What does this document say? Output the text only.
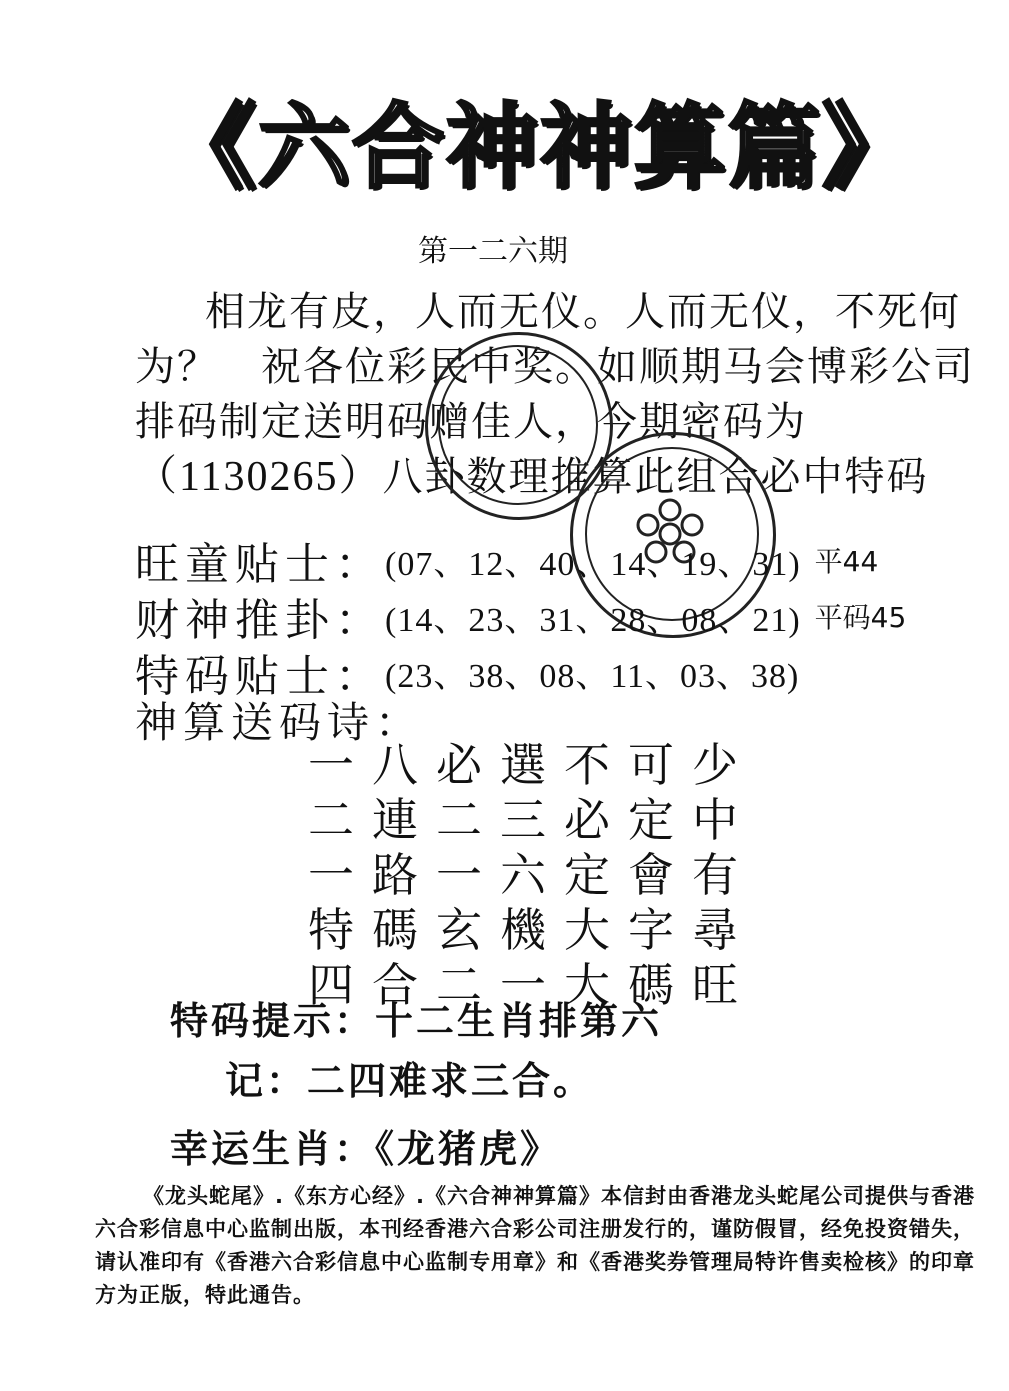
《六合神神算篇》
第一二六期
相龙有皮，人而无仪。人而无仪，不死何为？　祝各位彩民中奖。如顺期马会博彩公司排码制定送明码赠佳人，今期密码为（1130265）八卦数理推算此组合必中特码
旺童贴士： (07、12、40、14、19、31) 平44
财神推卦： (14、23、31、28、08、21) 平码45
特码贴士： (23、38、08、11、03、38)
神算送码诗：
一八必選不可少
二連二三必定中
一路一六定會有
特碼玄機大字尋
四合二一大碼旺
特码提示：十二生肖排第六
记：二四难求三合。
幸运生肖：《龙猪虎》
《龙头蛇尾》.《东方心经》.《六合神神算篇》本信封由香港龙头蛇尾公司提供与香港六合彩信息中心监制出版，本刊经香港六合彩公司注册发行的，谨防假冒，经免投资错失，请认准印有《香港六合彩信息中心监制专用章》和《香港奖券管理局特许售卖检核》的印章方为正版，特此通告。
